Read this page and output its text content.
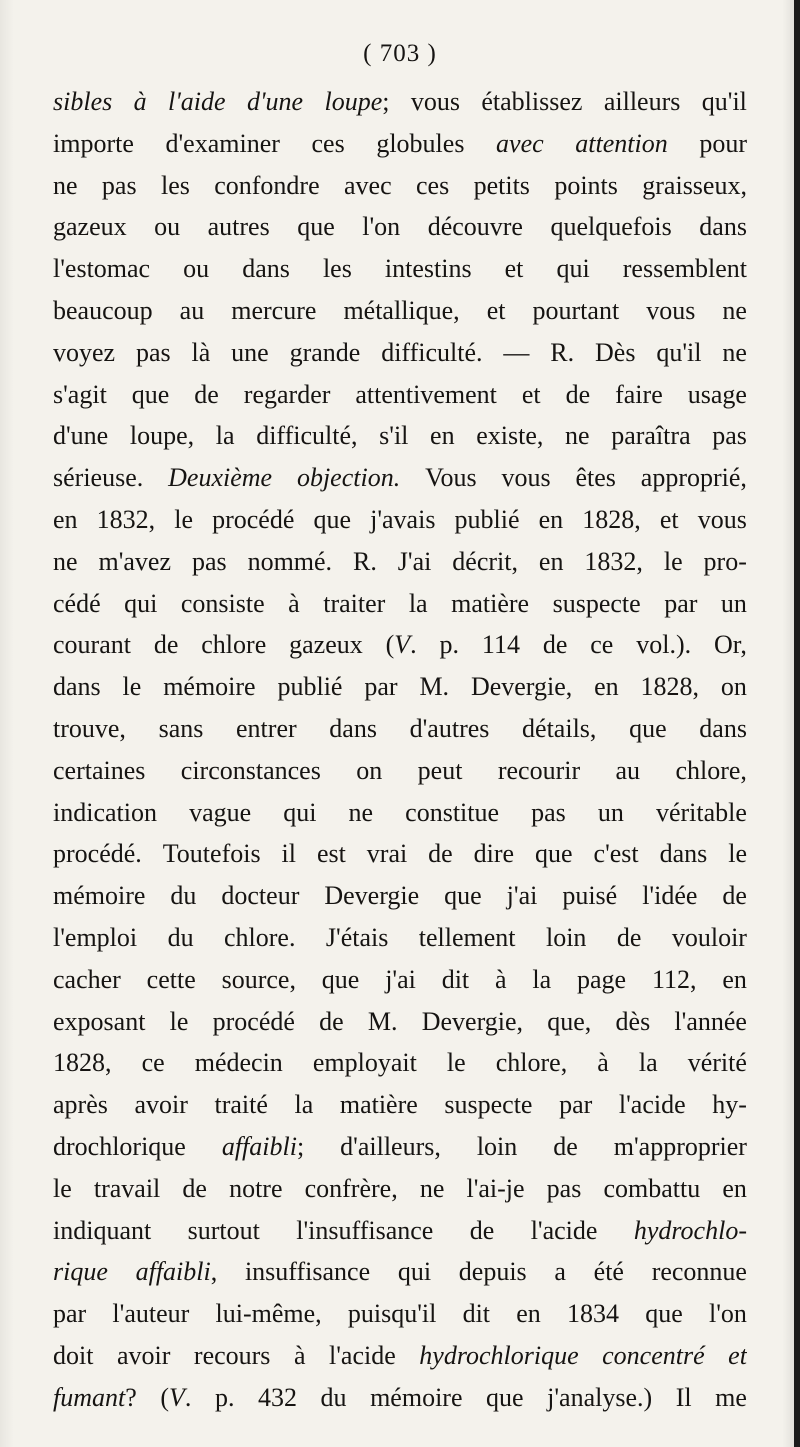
( 703 )
sibles à l'aide d'une loupe; vous établissez ailleurs qu'il
importe d'examiner ces globules avec attention pour
ne pas les confondre avec ces petits points graisseux,
gazeux ou autres que l'on découvre quelquefois dans
l'estomac ou dans les intestins et qui ressemblent
beaucoup au mercure métallique, et pourtant vous ne
voyez pas là une grande difficulté. — R. Dès qu'il ne
s'agit que de regarder attentivement et de faire usage
d'une loupe, la difficulté, s'il en existe, ne paraîtra pas
sérieuse. Deuxième objection. Vous vous êtes approprié,
en 1832, le procédé que j'avais publié en 1828, et vous
ne m'avez pas nommé. R. J'ai décrit, en 1832, le pro-
cédé qui consiste à traiter la matière suspecte par un
courant de chlore gazeux (V. p. 114 de ce vol.). Or,
dans le mémoire publié par M. Devergie, en 1828, on
trouve, sans entrer dans d'autres détails, que dans
certaines circonstances on peut recourir au chlore,
indication vague qui ne constitue pas un véritable
procédé. Toutefois il est vrai de dire que c'est dans le
mémoire du docteur Devergie que j'ai puisé l'idée de
l'emploi du chlore. J'étais tellement loin de vouloir
cacher cette source, que j'ai dit à la page 112, en
exposant le procédé de M. Devergie, que, dès l'année
1828, ce médecin employait le chlore, à la vérité
après avoir traité la matière suspecte par l'acide hy-
drochlorique affaibli; d'ailleurs, loin de m'approprier
le travail de notre confrère, ne l'ai-je pas combattu en
indiquant surtout l'insuffisance de l'acide hydrochlo-
rique affaibli, insuffisance qui depuis a été reconnue
par l'auteur lui-même, puisqu'il dit en 1834 que l'on
doit avoir recours à l'acide hydrochlorique concentré et
fumant? (V. p. 432 du mémoire que j'analyse.) Il me
